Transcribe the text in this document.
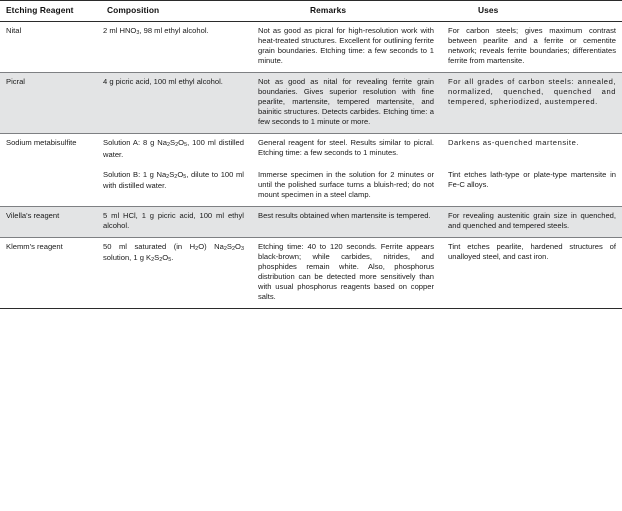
Etching Reagent	Composition	Remarks	Uses
Nital	2 ml $HNO_3$, 98 ml ethyl alcohol.	Not as good as picral for high-resolution work with heat-treated structures. Excellent for outlining ferrite grain boundaries. Etching time: a few seconds to 1 minute.	For carbon steels; gives maximum contrast between pearlite and a ferrite or cementite network; reveals ferrite boundaries; differentiates ferrite from martensite.
Picral	4 g picric acid, 100 ml ethyl alcohol.	Not as good as nital for revealing ferrite grain boundaries. Gives superior resolution with fine pearlite, martensite, tempered martensite, and bainitic structures. Detects carbides. Etching time: a few seconds to 1 minute or more.	For all grades of carbon steels: annealed, normalized, quenched, quenched and tempered, spheriodized, austempered.
Sodium metabisulfite	Solution A: 8 g $Na_2S_2O_5$, 100 ml distilled water.	General reagent for steel. Results similar to picral. Etching time: a few seconds to 1 minutes.	Darkens as-quenched martensite.
	Solution B: 1 g $Na_2S_2O_5$, dilute to 100 ml with distilled water.	Immerse specimen in the solution for 2 minutes or until the polished surface turns a bluish-red; do not mount specimen in a steel clamp.	Tint etches lath-type or plate-type martensite in Fe-C alloys.
Vilella's reagent	5 ml HCl, 1 g picric acid, 100 ml ethyl alcohol.	Best results obtained when martensite is tempered.	For revealing austenitic grain size in quenched, and quenched and tempered steels.
Klemm's reagent	50 ml saturated (in $H_2O$) $Na_2S_2O_3$ solution, 1 g $K_2S_2O_5$.	Etching time: 40 to 120 seconds. Ferrite appears black-brown; while carbides, nitrides, and phosphides remain white. Also, phosphorus distribution can be detected more sensitively than with usual phosphorus reagents based on copper salts.	Tint etches pearlite, hardened structures of unalloyed steel, and cast iron.
